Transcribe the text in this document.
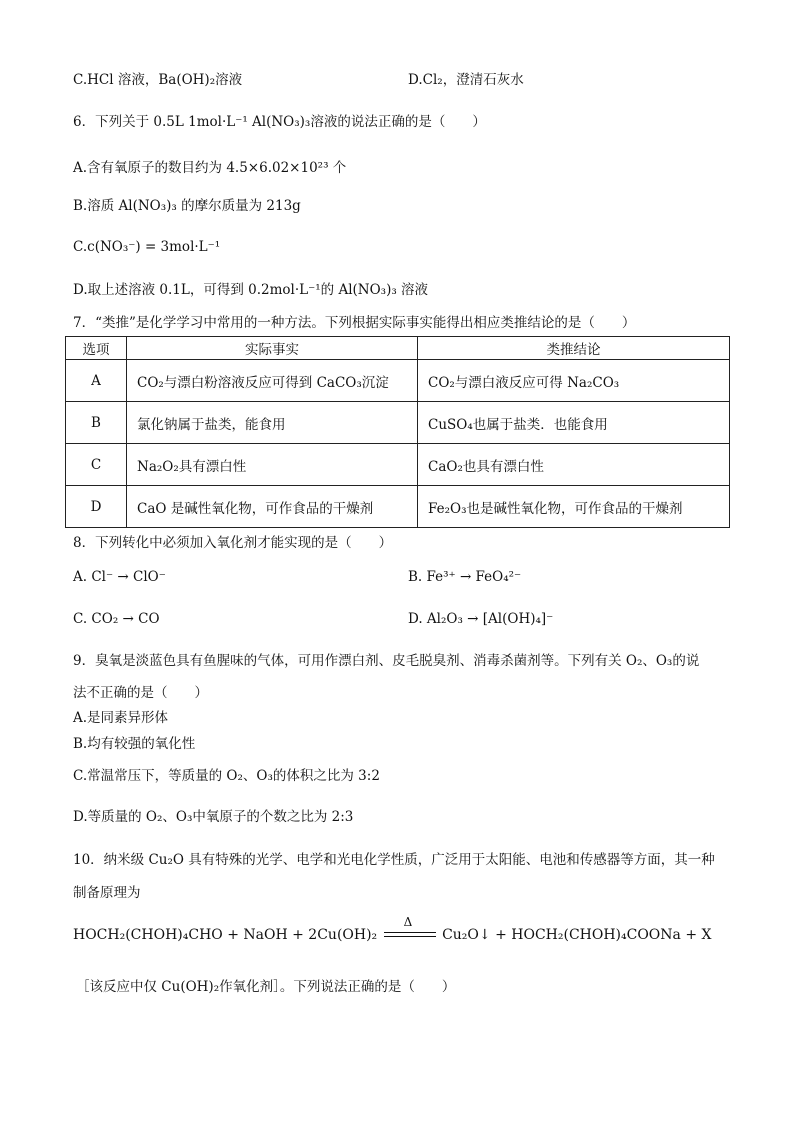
C.HCl 溶液，Ba(OH)₂溶液	D.Cl₂，澄清石灰水
6．下列关于 0.5L 1mol·L⁻¹ Al(NO₃)₃溶液的说法正确的是（　　）
A.含有氧原子的数目约为 4.5×6.02×10²³ 个
B.溶质 Al(NO₃)₃ 的摩尔质量为 213g
C.c(NO₃⁻) = 3mol·L⁻¹
D.取上述溶液 0.1L，可得到 0.2mol·L⁻¹的 Al(NO₃)₃ 溶液
7．“类推”是化学学习中常用的一种方法。下列根据实际事实能得出相应类推结论的是（　　）
选项	实际事实	类推结论
A	CO₂与漂白粉溶液反应可得到 CaCO₃沉淀	CO₂与漂白液反应可得 Na₂CO₃
B	氯化钠属于盐类，能食用	CuSO₄也属于盐类．也能食用
C	Na₂O₂具有漂白性	CaO₂也具有漂白性
D	CaO 是碱性氧化物，可作食品的干燥剂	Fe₂O₃也是碱性氧化物，可作食品的干燥剂
8．下列转化中必须加入氧化剂才能实现的是（　　）
A. Cl⁻ → ClO⁻	B. Fe³⁺ → FeO₄²⁻
C. CO₂ → CO	D. Al₂O₃ → [Al(OH)₄]⁻
9．臭氧是淡蓝色具有鱼腥味的气体，可用作漂白剂、皮毛脱臭剂、消毒杀菌剂等。下列有关 O₂、O₃的说
法不正确的是（　　）
A.是同素异形体
B.均有较强的氧化性
C.常温常压下，等质量的 O₂、O₃的体积之比为 3:2
D.等质量的 O₂、O₃中氧原子的个数之比为 2:3
10．纳米级 Cu₂O 具有特殊的光学、电学和光电化学性质，广泛用于太阳能、电池和传感器等方面，其一种
制备原理为
HOCH₂(CHOH)₄CHO + NaOH + 2Cu(OH)₂
Δ
Cu₂O↓ + HOCH₂(CHOH)₄COONa + X
［该反应中仅 Cu(OH)₂作氧化剂］。下列说法正确的是（　　）
